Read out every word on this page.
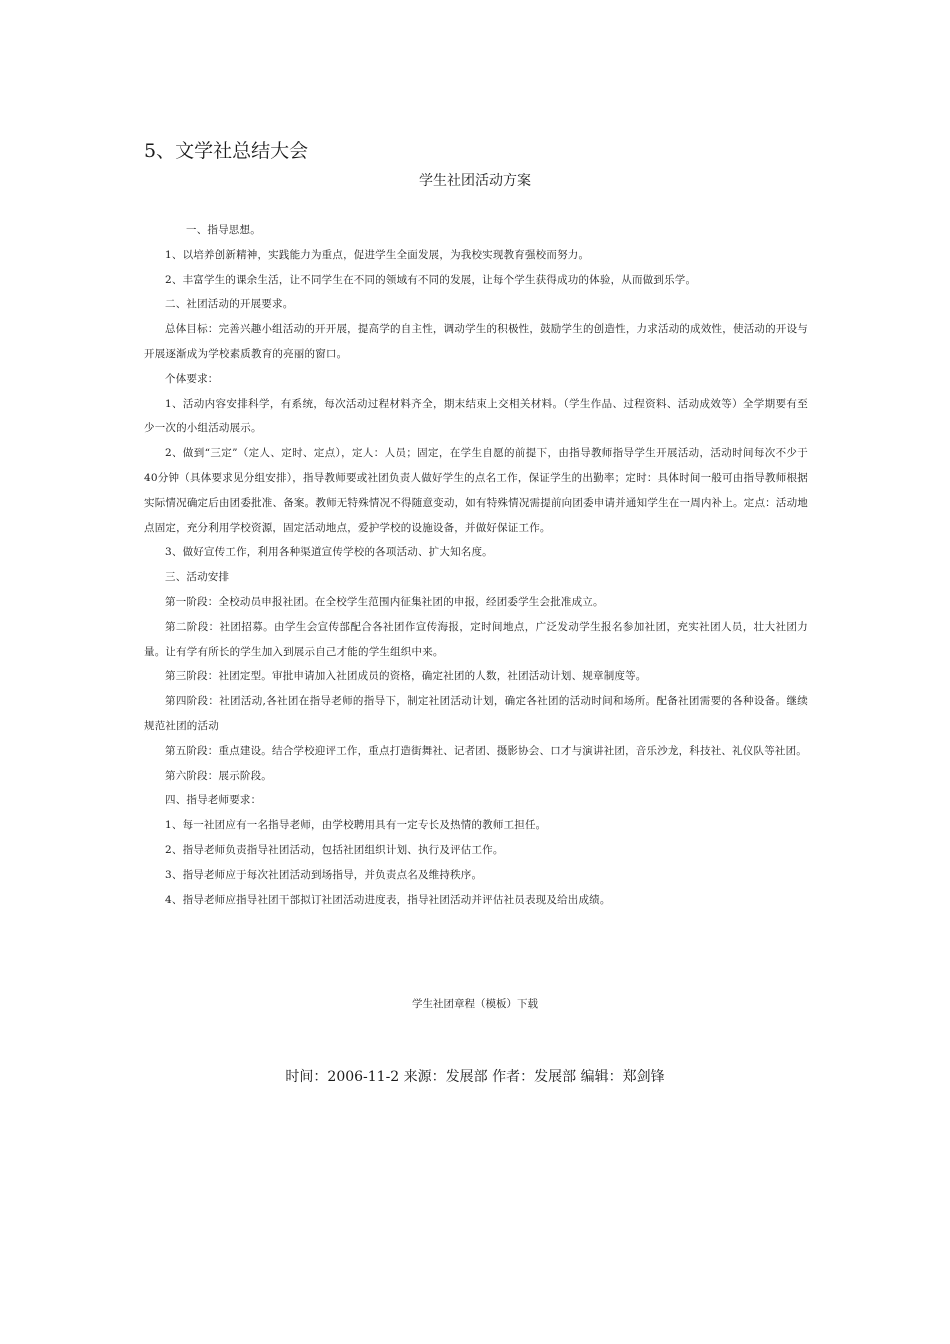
5、文学社总结大会
学生社团活动方案

一、指导思想。

1、以培养创新精神，实践能力为重点，促进学生全面发展，为我校实现教育强校而努力。

2、丰富学生的课余生活，让不同学生在不同的领域有不同的发展，让每个学生获得成功的体验，从而做到乐学。

二、社团活动的开展要求。

总体目标：完善兴趣小组活动的开开展，提高学的自主性，调动学生的积极性，鼓励学生的创造性，力求活动的成效性，使活动的开设与开展逐渐成为学校素质教育的亮丽的窗口。

个体要求：

1、活动内容安排科学，有系统，每次活动过程材料齐全，期末结束上交相关材料。（学生作品、过程资料、活动成效等）全学期要有至少一次的小组活动展示。

2、做到“三定”（定人、定时、定点），定人：人员；固定，在学生自愿的前提下，由指导教师指导学生开展活动，活动时间每次不少于40分钟（具体要求见分组安排），指导教师要或社团负责人做好学生的点名工作，保证学生的出勤率；定时：具体时间一般可由指导教师根据实际情况确定后由团委批准、备案。教师无特殊情况不得随意变动，如有特殊情况需提前向团委申请并通知学生在一周内补上。定点：活动地点固定，充分利用学校资源，固定活动地点，爱护学校的设施设备，并做好保证工作。

3、做好宣传工作，利用各种渠道宣传学校的各项活动、扩大知名度。

三、活动安排

第一阶段：全校动员申报社团。在全校学生范围内征集社团的申报，经团委学生会批准成立。

第二阶段：社团招募。由学生会宣传部配合各社团作宣传海报，定时间地点，广泛发动学生报名参加社团，充实社团人员，壮大社团力量。让有学有所长的学生加入到展示自己才能的学生组织中来。

第三阶段：社团定型。审批申请加入社团成员的资格，确定社团的人数，社团活动计划、规章制度等。

第四阶段：社团活动,各社团在指导老师的指导下，制定社团活动计划，确定各社团的活动时间和场所。配备社团需要的各种设备。继续规范社团的活动

第五阶段：重点建设。结合学校迎评工作，重点打造街舞社、记者团、摄影协会、口才与演讲社团，音乐沙龙，科技社、礼仪队等社团。

第六阶段：展示阶段。

四、指导老师要求：

1、每一社团应有一名指导老师，由学校聘用具有一定专长及热情的教师工担任。

2、指导老师负责指导社团活动，包括社团组织计划、执行及评估工作。

3、指导老师应于每次社团活动到场指导，并负责点名及维持秩序。

4、指导老师应指导社团干部拟订社团活动进度表，指导社团活动并评估社员表现及给出成绩。

学生社团章程（模板）下载
时间：2006-11-2 来源：发展部 作者：发展部 编辑：郑剑锋
